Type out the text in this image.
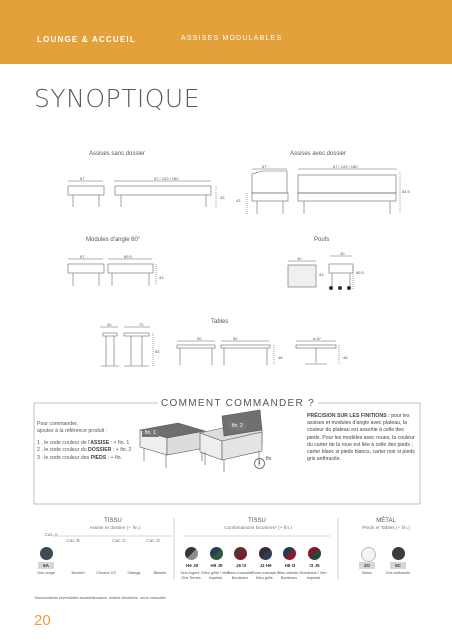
LOUNGE & ACCUEIL	ASSISES MODULABLES
SYNOPTIQUE
Assises sans dossier
67	67 / 120 / 180
43
Assises avec dossier
67	67 / 120 / 180
43
84.5
Modules d'angle 60°
67	89.5
43
Poufs
40
40
43	89.5
Tables
40	72
83
90	50	ø 87
48	48
COMMENT COMMANDER ?
Pour commander,
ajoutez à la référence produit :
1 . le code couleur de l'ASSISE : + fin. 1
2 . le code couleur du DOSSIER : + fin. 2
3 . le code couleur des PIEDS : + fin.
fin. 1
fin. 2
fin.
1
PRÉCISION SUR LES FINITIONS : pour les assises et modules d'angle avec plateau, la couleur du plateau est assortie à celle des pieds. Pour les modèles avec roues, la couleur du carter de la roue est liée à celle des pieds ; carter blanc si pieds blancs, carter noir si pieds gris anthracite.
TISSU
Assise et dossier (+ fin.)
Cat. A
Cat. B	Cat. C	Cat. D
6A
Gris orage	Bonded	Chrome CS	Gallega	Biblebe
TISSU
Combinaisons bicolores* (+ fin.)
H6 J8
Gris Argent / Gris Ternes
H9 J9
Bleu grille / Vert impérial
J6 I3
Vison marsala / Bordeaux
J3 H9
Prune marsala / Bleu grille
H8 I3
Bleu céleste / Bordeaux
I3 J9
Bordeaux / Vert impérial
MÉTAL
Pieds et Tables (+ fin.)
2O	5C
Blanc	Gris anthracite
*Associations réversibles assise/dossiers. Autres bicolores, nous consulter.
20
